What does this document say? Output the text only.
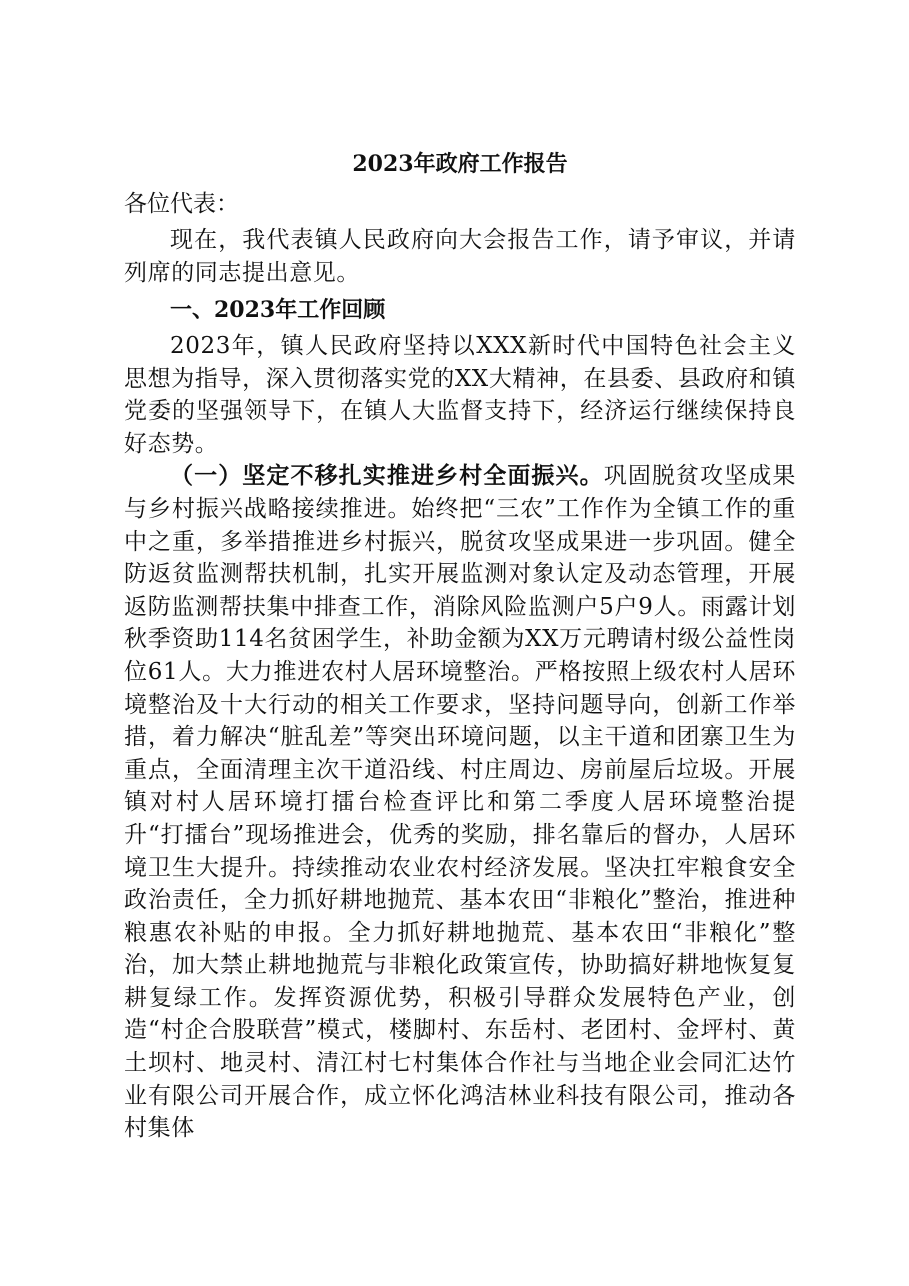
2023年政府工作报告
各位代表：

现在，我代表镇人民政府向大会报告工作，请予审议，并请列席的同志提出意见。

一、2023年工作回顾

2023年，镇人民政府坚持以XXX新时代中国特色社会主义思想为指导，深入贯彻落实党的XX大精神，在县委、县政府和镇党委的坚强领导下，在镇人大监督支持下，经济运行继续保持良好态势。

（一）坚定不移扎实推进乡村全面振兴。巩固脱贫攻坚成果与乡村振兴战略接续推进。始终把“三农”工作作为全镇工作的重中之重，多举措推进乡村振兴，脱贫攻坚成果进一步巩固。健全防返贫监测帮扶机制，扎实开展监测对象认定及动态管理，开展返防监测帮扶集中排查工作，消除风险监测户5户9人。雨露计划秋季资助114名贫困学生，补助金额为XX万元聘请村级公益性岗位61人。大力推进农村人居环境整治。严格按照上级农村人居环境整治及十大行动的相关工作要求，坚持问题导向，创新工作举措，着力解决“脏乱差”等突出环境问题，以主干道和团寨卫生为重点，全面清理主次干道沿线、村庄周边、房前屋后垃圾。开展镇对村人居环境打擂台检查评比和第二季度人居环境整治提升“打擂台”现场推进会，优秀的奖励，排名靠后的督办，人居环境卫生大提升。持续推动农业农村经济发展。坚决扛牢粮食安全政治责任，全力抓好耕地抛荒、基本农田“非粮化”整治，推进种粮惠农补贴的申报。全力抓好耕地抛荒、基本农田“非粮化”整治，加大禁止耕地抛荒与非粮化政策宣传，协助搞好耕地恢复复耕复绿工作。发挥资源优势，积极引导群众发展特色产业，创造“村企合股联营”模式，楼脚村、东岳村、老团村、金坪村、黄土坝村、地灵村、清江村七村集体合作社与当地企业会同汇达竹业有限公司开展合作，成立怀化鸿洁林业科技有限公司，推动各村集体
